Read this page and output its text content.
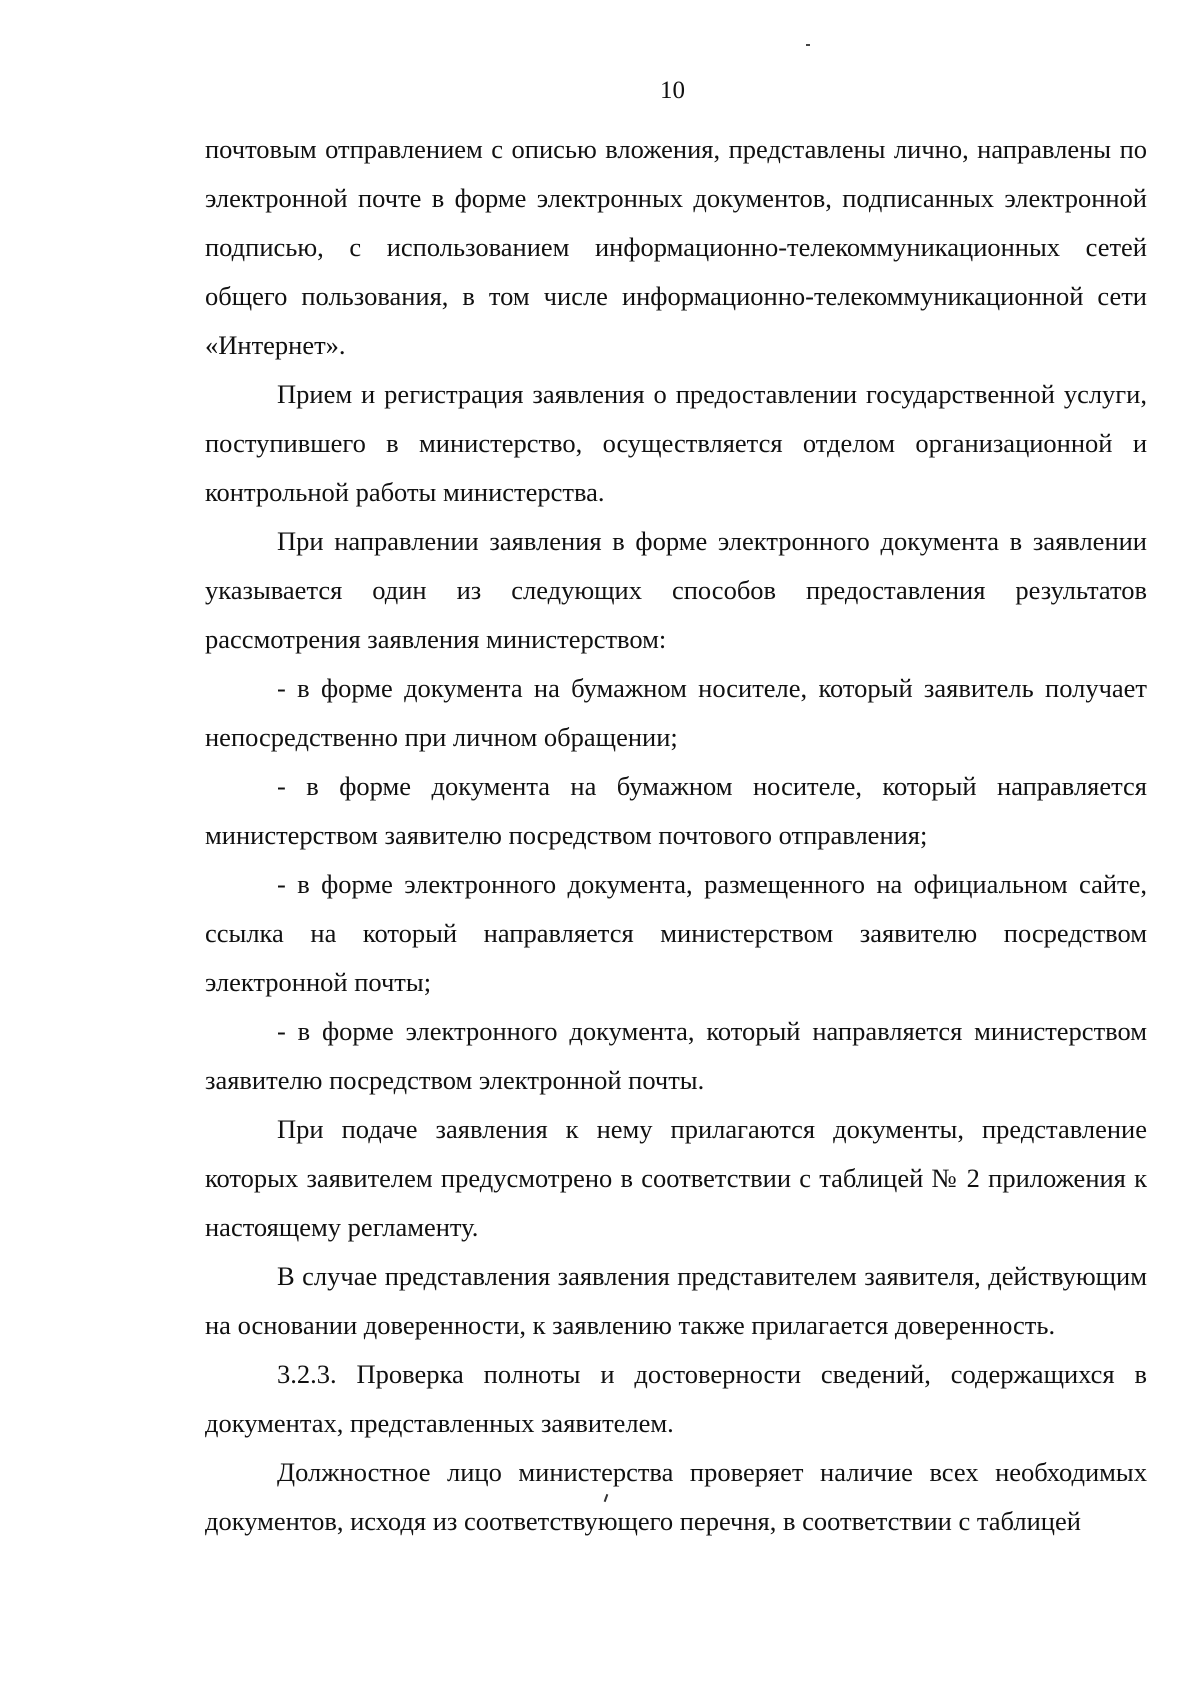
10

почтовым отправлением с описью вложения, представлены лично, направлены по электронной почте в форме электронных документов, подписанных электронной подписью, с использованием информационно-телекоммуникационных сетей общего пользования, в том числе информационно-телекоммуникационной сети «Интернет».

Прием и регистрация заявления о предоставлении государственной услуги, поступившего в министерство, осуществляется отделом организационной и контрольной работы министерства.

При направлении заявления в форме электронного документа в заявлении указывается один из следующих способов предоставления результатов рассмотрения заявления министерством:

- в форме документа на бумажном носителе, который заявитель получает непосредственно при личном обращении;

- в форме документа на бумажном носителе, который направляется министерством заявителю посредством почтового отправления;

- в форме электронного документа, размещенного на официальном сайте, ссылка на который направляется министерством заявителю посредством электронной почты;

- в форме электронного документа, который направляется министерством заявителю посредством электронной почты.

При подаче заявления к нему прилагаются документы, представление которых заявителем предусмотрено в соответствии с таблицей № 2 приложения к настоящему регламенту.

В случае представления заявления представителем заявителя, действующим на основании доверенности, к заявлению также прилагается доверенность.

3.2.3. Проверка полноты и достоверности сведений, содержащихся в документах, представленных заявителем.

Должностное лицо министерства проверяет наличие всех необходимых документов, исходя из соответствующего перечня, в соответствии с таблицей
